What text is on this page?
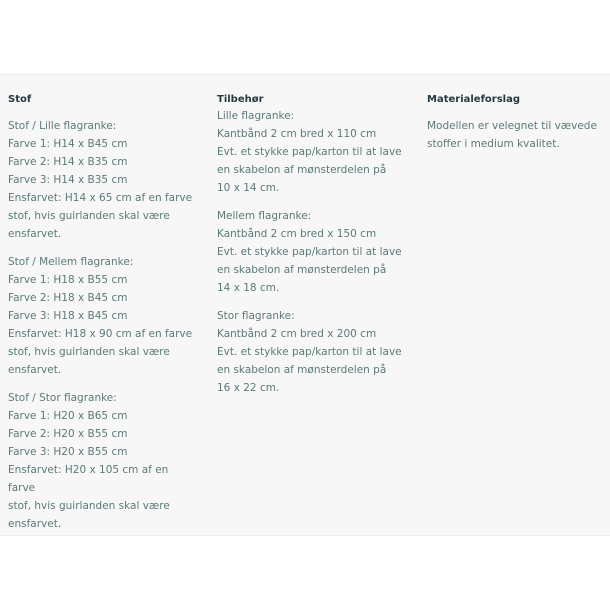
Stof
Stof / Lille flagranke:
Farve 1: H14 x B45 cm
Farve 2: H14 x B35 cm
Farve 3: H14 x B35 cm
Ensfarvet: H14 x 65 cm af en farve
stof, hvis guirlanden skal være
ensfarvet.
Stof / Mellem flagranke:
Farve 1: H18 x B55 cm
Farve 2: H18 x B45 cm
Farve 3: H18 x B45 cm
Ensfarvet: H18 x 90 cm af en farve
stof, hvis guirlanden skal være
ensfarvet.
Stof / Stor flagranke:
Farve 1: H20 x B65 cm
Farve 2: H20 x B55 cm
Farve 3: H20 x B55 cm
Ensfarvet: H20 x 105 cm af en farve
stof, hvis guirlanden skal være
ensfarvet.
Tilbehør
Lille flagranke:
Kantbånd 2 cm bred x 110 cm
Evt. et stykke pap/karton til at lave
en skabelon af mønsterdelen på
10 x 14 cm.
Mellem flagranke:
Kantbånd 2 cm bred x 150 cm
Evt. et stykke pap/karton til at lave
en skabelon af mønsterdelen på
14 x 18 cm.
Stor flagranke:
Kantbånd 2 cm bred x 200 cm
Evt. et stykke pap/karton til at lave
en skabelon af mønsterdelen på
16 x 22 cm.
Materialeforslag
Modellen er velegnet til vævede
stoffer i medium kvalitet.
